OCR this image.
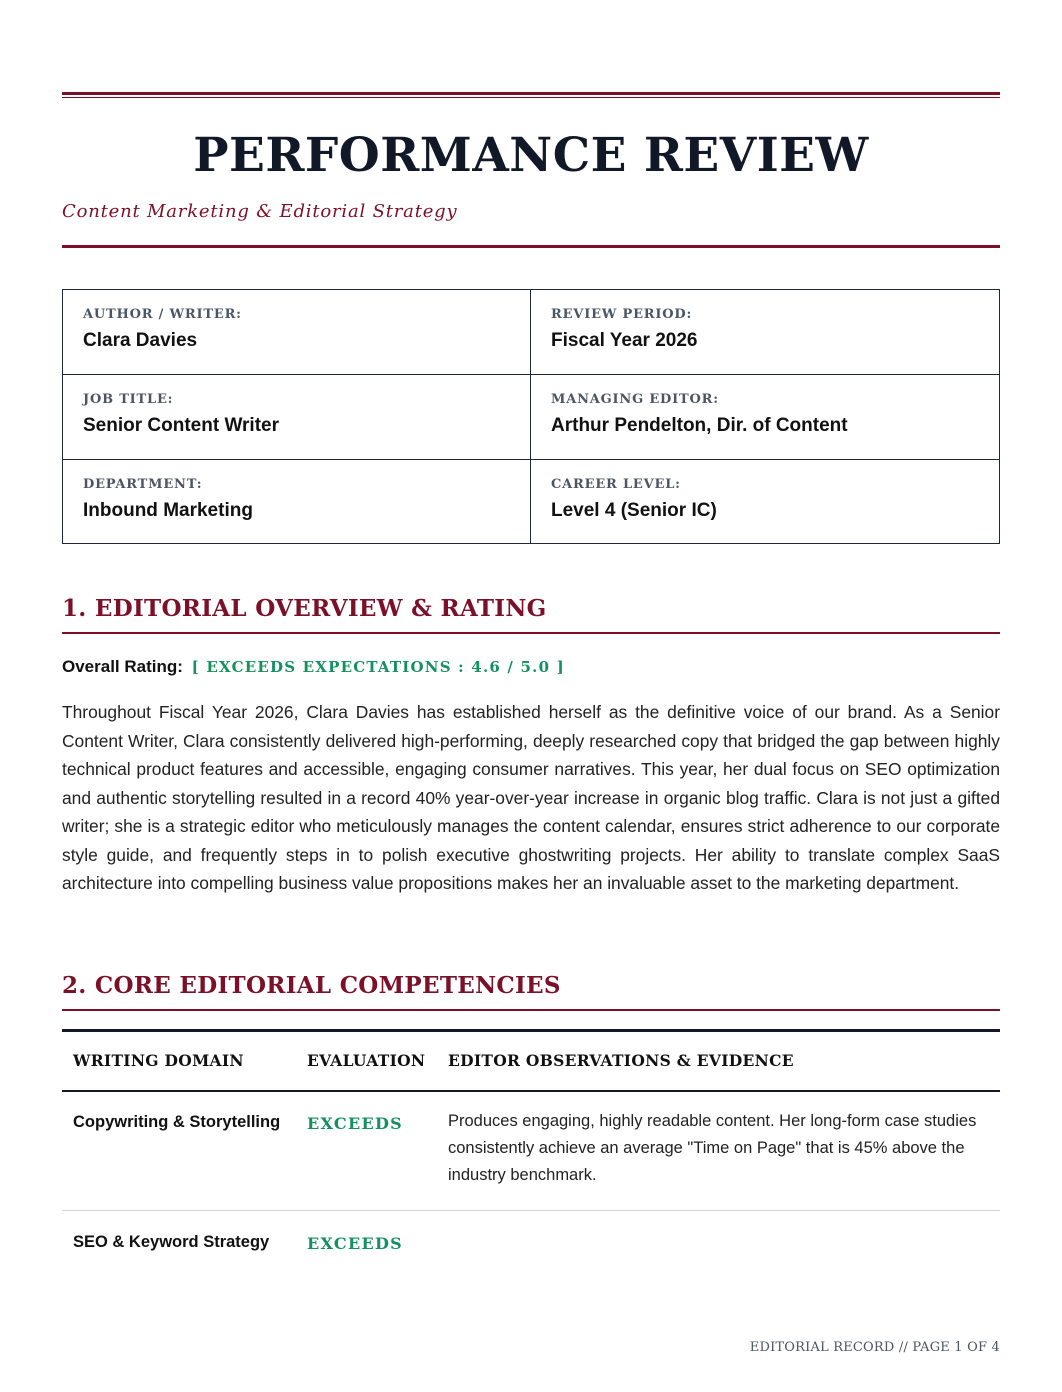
PERFORMANCE REVIEW
Content Marketing & Editorial Strategy
AUTHOR / WRITER:
Clara Davies
REVIEW PERIOD:
Fiscal Year 2026
JOB TITLE:
Senior Content Writer
MANAGING EDITOR:
Arthur Pendelton, Dir. of Content
DEPARTMENT:
Inbound Marketing
CAREER LEVEL:
Level 4 (Senior IC)
1. EDITORIAL OVERVIEW & RATING
Overall Rating: [ EXCEEDS EXPECTATIONS : 4.6 / 5.0 ]

Throughout Fiscal Year 2026, Clara Davies has established herself as the definitive voice of our brand. As a Senior Content Writer, Clara consistently delivered high-performing, deeply researched copy that bridged the gap between highly technical product features and accessible, engaging consumer narratives. This year, her dual focus on SEO optimization and authentic storytelling resulted in a record 40% year-over-year increase in organic blog traffic. Clara is not just a gifted writer; she is a strategic editor who meticulously manages the content calendar, ensures strict adherence to our corporate style guide, and frequently steps in to polish executive ghostwriting projects. Her ability to translate complex SaaS architecture into compelling business value propositions makes her an invaluable asset to the marketing department.

2. CORE EDITORIAL COMPETENCIES
WRITING DOMAIN	EVALUATION EDITOR OBSERVATIONS & EVIDENCE
Copywriting & Storytelling EXCEEDS	Produces engaging, highly readable content. Her long-form case studies consistently achieve an average "Time on Page" that is 45% above the industry benchmark.
SEO & Keyword Strategy EXCEEDS
EDITORIAL RECORD // PAGE 1 OF 4
